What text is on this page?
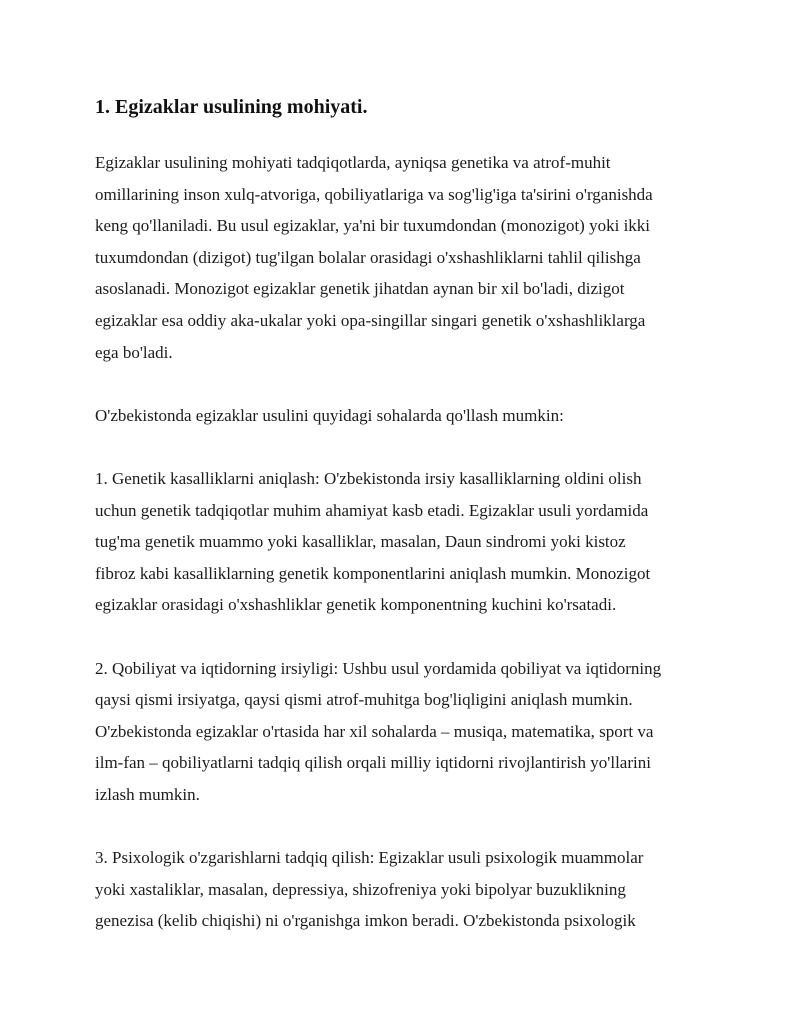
1. Egizaklar usulining mohiyati.
Egizaklar usulining mohiyati tadqiqotlarda, ayniqsa genetika va atrof-muhit
omillarining inson xulq-atvoriga, qobiliyatlariga va sog'lig'iga ta'sirini o'rganishda
keng qo'llaniladi. Bu usul egizaklar, ya'ni bir tuxumdondan (monozigot) yoki ikki
tuxumdondan (dizigot) tug'ilgan bolalar orasidagi o'xshashliklarni tahlil qilishga
asoslanadi. Monozigot egizaklar genetik jihatdan aynan bir xil bo'ladi, dizigot
egizaklar esa oddiy aka-ukalar yoki opa-singillar singari genetik o'xshashliklarga
ega bo'ladi.
O'zbekistonda egizaklar usulini quyidagi sohalarda qo'llash mumkin:
1. Genetik kasalliklarni aniqlash: O'zbekistonda irsiy kasalliklarning oldini olish
uchun genetik tadqiqotlar muhim ahamiyat kasb etadi. Egizaklar usuli yordamida
tug'ma genetik muammo yoki kasalliklar, masalan, Daun sindromi yoki kistoz
fibroz kabi kasalliklarning genetik komponentlarini aniqlash mumkin. Monozigot
egizaklar orasidagi o'xshashliklar genetik komponentning kuchini ko'rsatadi.
2. Qobiliyat va iqtidorning irsiyligi: Ushbu usul yordamida qobiliyat va iqtidorning
qaysi qismi irsiyatga, qaysi qismi atrof-muhitga bog'liqligini aniqlash mumkin.
O'zbekistonda egizaklar o'rtasida har xil sohalarda – musiqa, matematika, sport va
ilm-fan – qobiliyatlarni tadqiq qilish orqali milliy iqtidorni rivojlantirish yo'llarini
izlash mumkin.
3. Psixologik o'zgarishlarni tadqiq qilish: Egizaklar usuli psixologik muammolar
yoki xastaliklar, masalan, depressiya, shizofreniya yoki bipolyar buzuklikning
genezisa (kelib chiqishi) ni o'rganishga imkon beradi. O'zbekistonda psixologik
